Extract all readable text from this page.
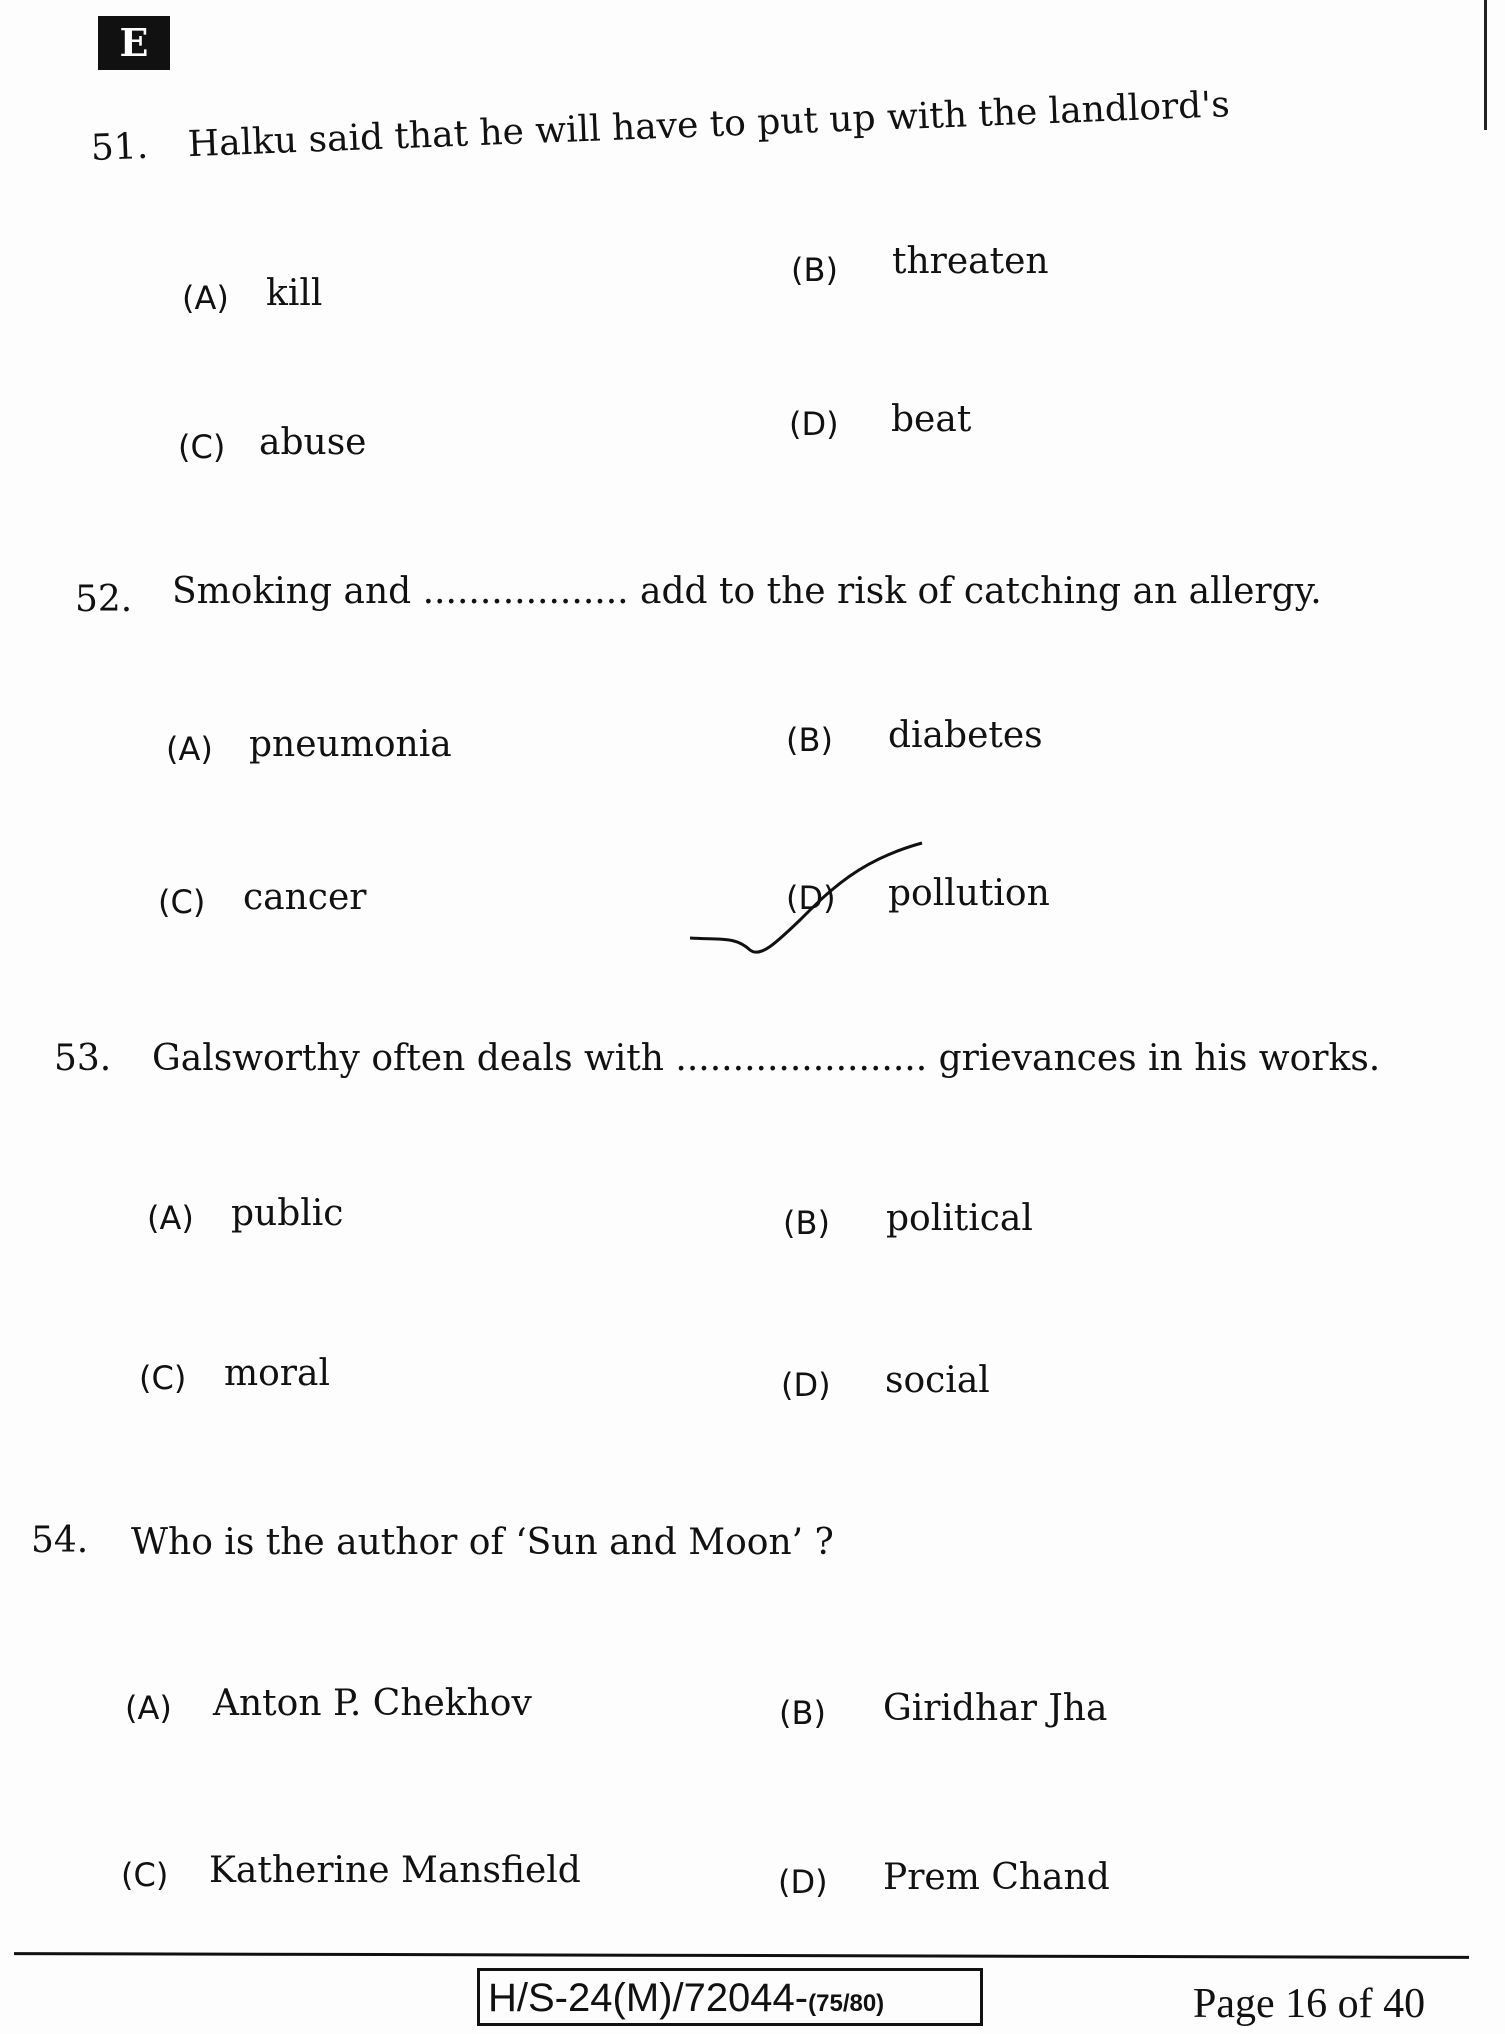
E
51. Halku said that he will have to put up with the landlord's
(A) kill
(B) threaten
(C) abuse	(D) beat
52. Smoking and .................. add to the risk of catching an allergy.
(A) pneumonia	(B) diabetes
(C) cancer	(D) pollution
53. Galsworthy often deals with ...................... grievances in his works.
(A) public	(B) political
(C) moral	(D) social
54. Who is the author of ‘Sun and Moon’ ?
(A) Anton P. Chekhov	(B) Giridhar Jha
(C) Katherine Mansfield	(D) Prem Chand
H/S-24(M)/72044-(75/80)	Page 16 of 40
